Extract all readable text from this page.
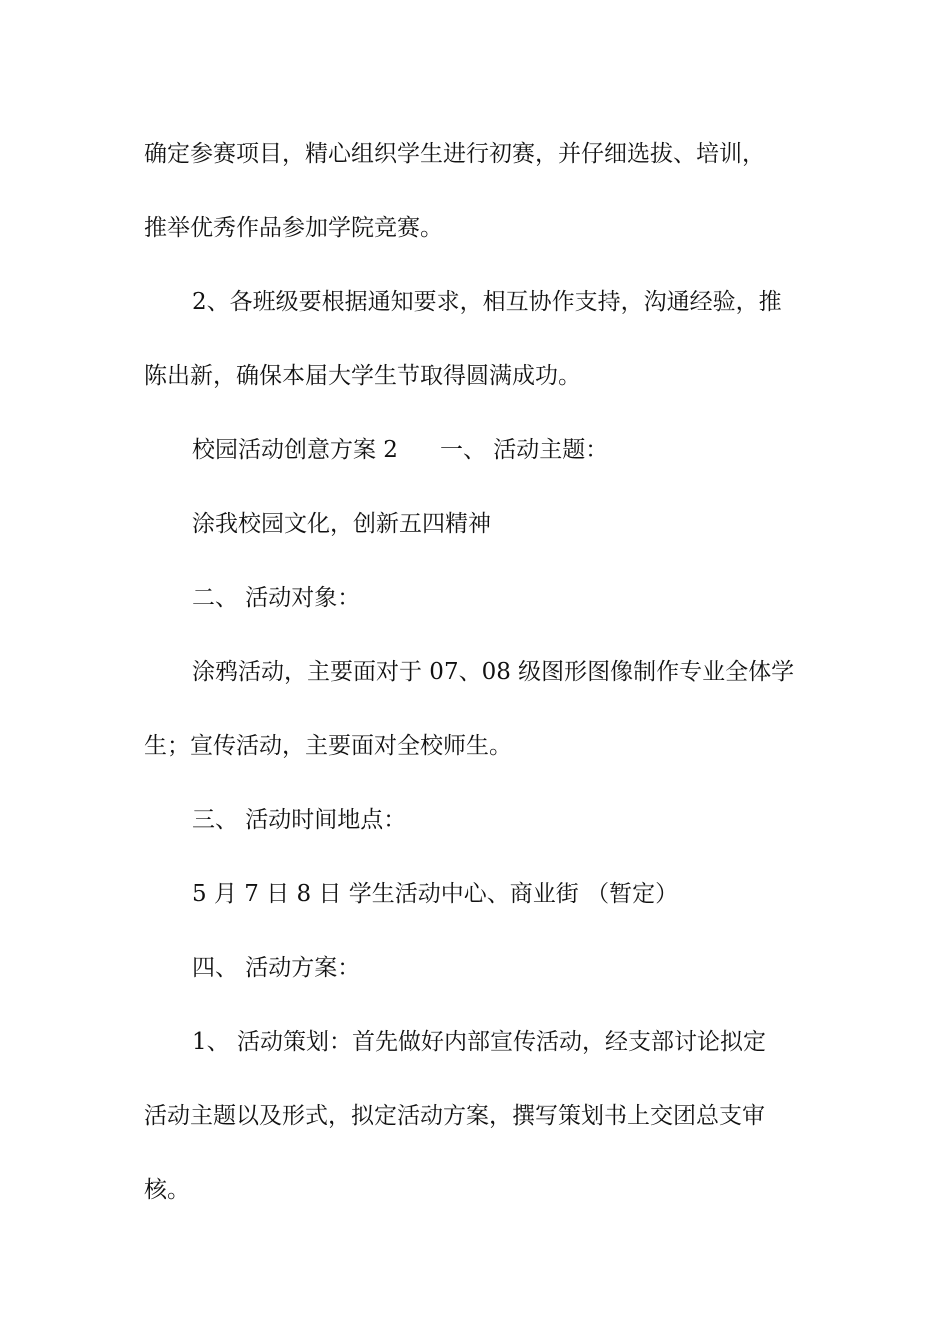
确定参赛项目，精心组织学生进行初赛，并仔细选拔、培训，
推举优秀作品参加学院竞赛。
2、各班级要根据通知要求，相互协作支持，沟通经验，推
陈出新，确保本届大学生节取得圆满成功。
校园活动创意方案 2 一、 活动主题：
涂我校园文化，创新五四精神
二、 活动对象：
涂鸦活动，主要面对于 07、08 级图形图像制作专业全体学
生；宣传活动，主要面对全校师生。
三、 活动时间地点：
5 月 7 日 8 日 学生活动中心、商业街 （暂定）
四、 活动方案：
1、 活动策划：首先做好内部宣传活动，经支部讨论拟定
活动主题以及形式，拟定活动方案，撰写策划书上交团总支审
核。
